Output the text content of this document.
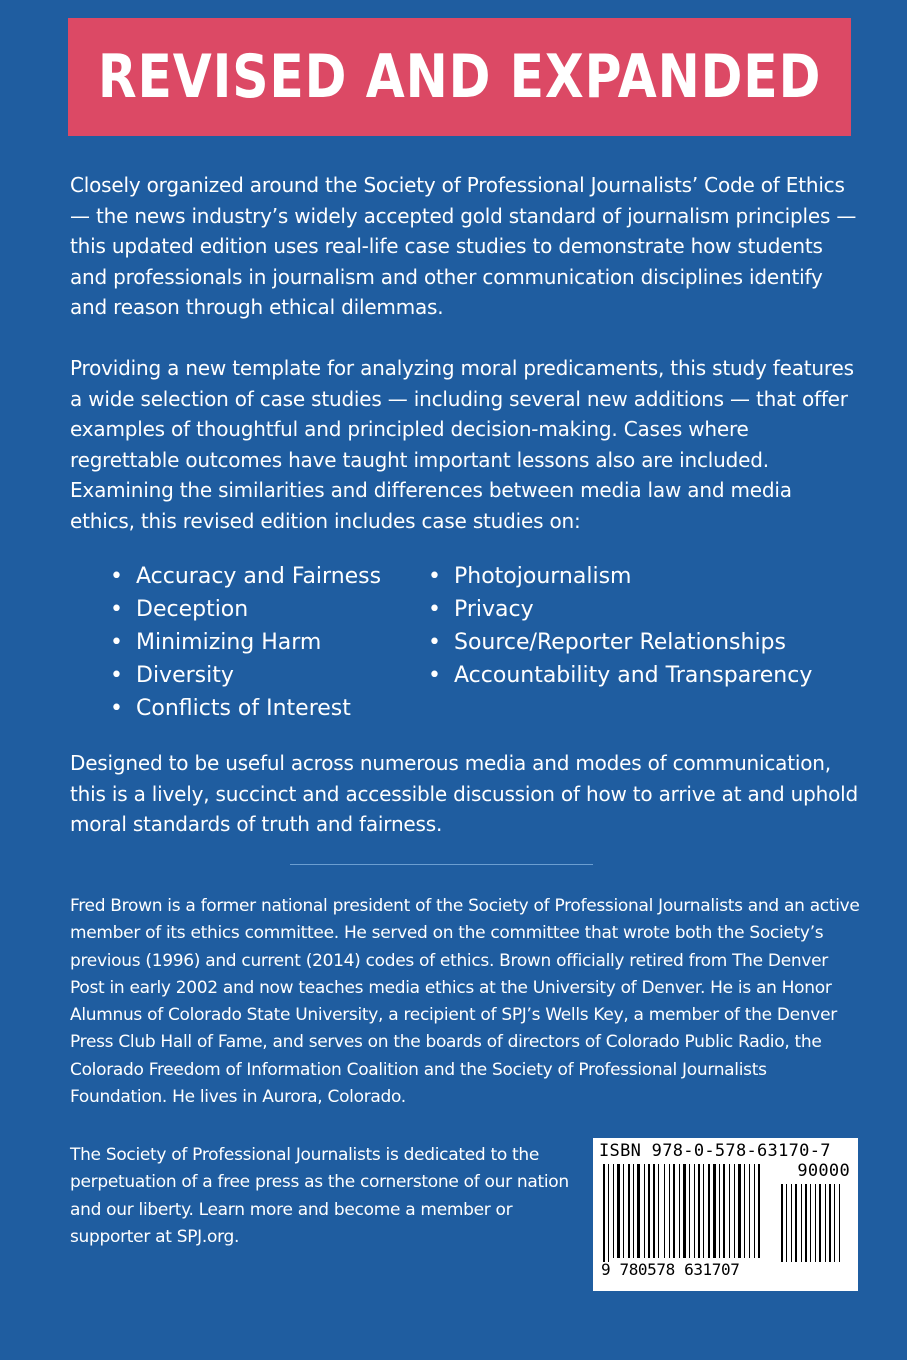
REVISED AND EXPANDED

Closely organized around the Society of Professional Journalists’ Code of Ethics — the news industry’s widely accepted gold standard of journalism principles — this updated edition uses real-life case studies to demonstrate how students and professionals in journalism and other communication disciplines identify and reason through ethical dilemmas.

Providing a new template for analyzing moral predicaments, this study features a wide selection of case studies — including several new additions — that offer examples of thoughtful and principled decision-making. Cases where regrettable outcomes have taught important lessons also are included. Examining the similarities and differences between media law and media ethics, this revised edition includes case studies on:

• Accuracy and Fairness
• Deception
• Minimizing Harm
• Diversity
• Conflicts of Interest
• Photojournalism
• Privacy
• Source/Reporter Relationships
• Accountability and Transparency

Designed to be useful across numerous media and modes of communication, this is a lively, succinct and accessible discussion of how to arrive at and uphold moral standards of truth and fairness.

Fred Brown is a former national president of the Society of Professional Journalists and an active member of its ethics committee. He served on the committee that wrote both the Society’s previous (1996) and current (2014) codes of ethics. Brown officially retired from The Denver Post in early 2002 and now teaches media ethics at the University of Denver. He is an Honor Alumnus of Colorado State University, a recipient of SPJ’s Wells Key, a member of the Denver Press Club Hall of Fame, and serves on the boards of directors of Colorado Public Radio, the Colorado Freedom of Information Coalition and the Society of Professional Journalists Foundation. He lives in Aurora, Colorado.

The Society of Professional Journalists is dedicated to the perpetuation of a free press as the cornerstone of our nation and our liberty. Learn more and become a member or supporter at SPJ.org.

ISBN 978-0-578-63170-7
90000
9 780578 631707
